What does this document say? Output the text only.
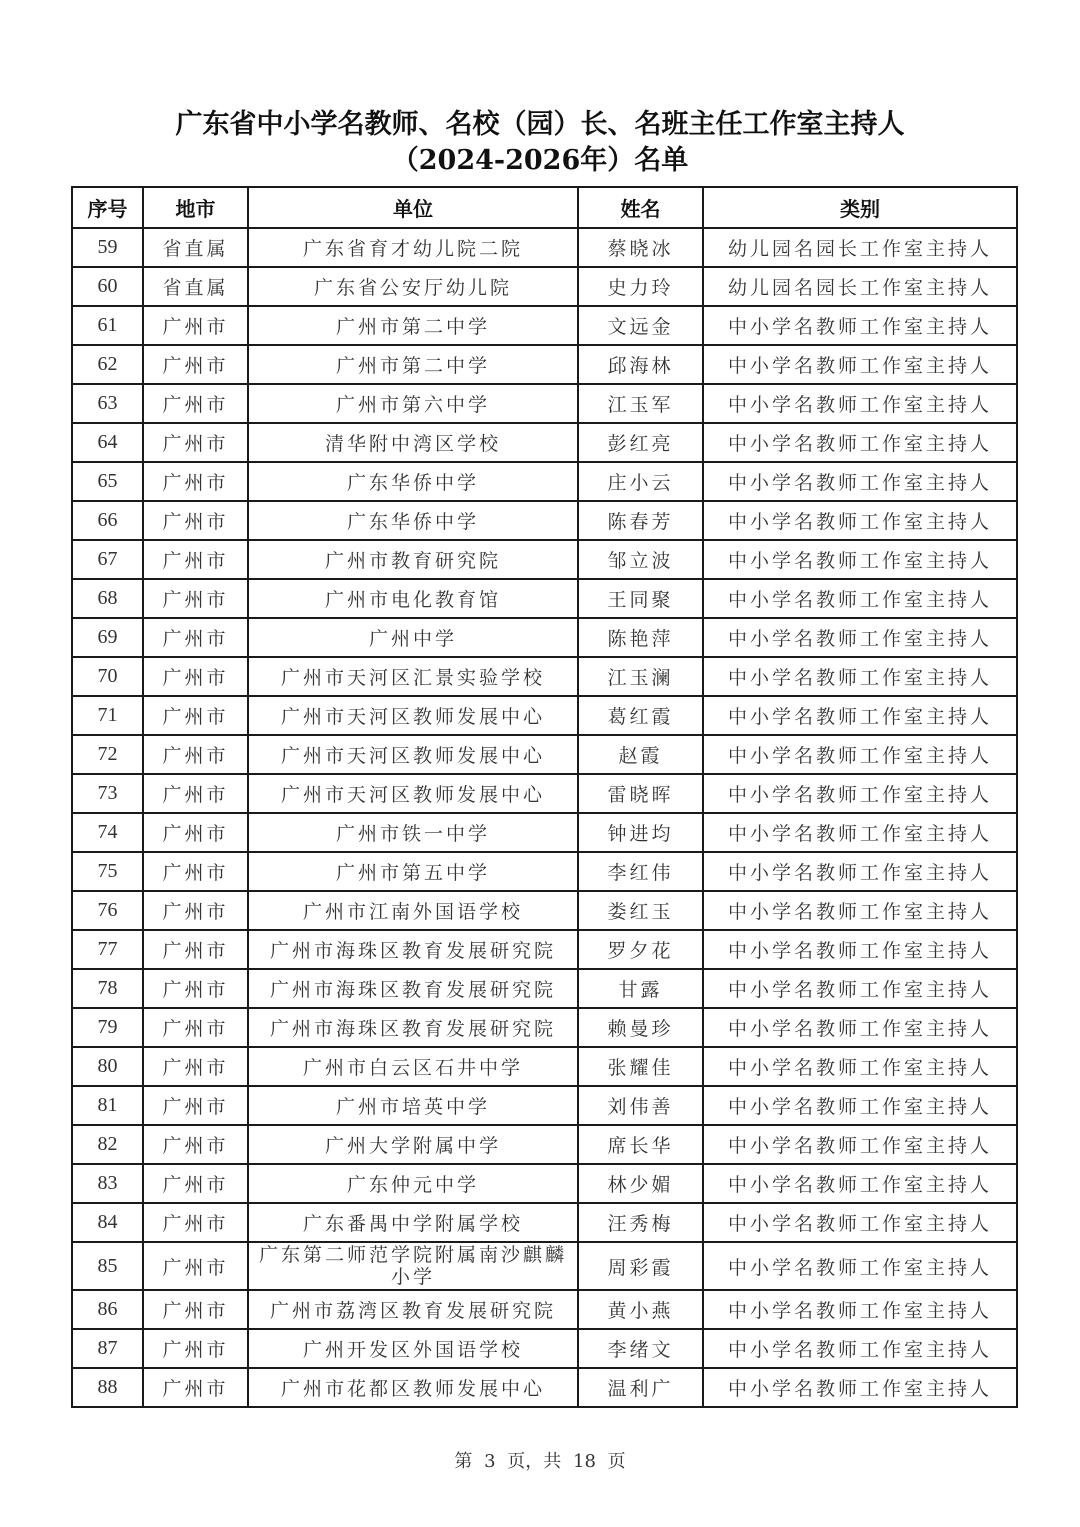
广东省中小学名教师、名校（园）长、名班主任工作室主持人
（2024-2026年）名单
序号	地市	单位	姓名	类别
59	省直属	广东省育才幼儿院二院	蔡晓冰	幼儿园名园长工作室主持人
60	省直属	广东省公安厅幼儿院	史力玲	幼儿园名园长工作室主持人
61	广州市	广州市第二中学	文远金	中小学名教师工作室主持人
62	广州市	广州市第二中学	邱海林	中小学名教师工作室主持人
63	广州市	广州市第六中学	江玉军	中小学名教师工作室主持人
64	广州市	清华附中湾区学校	彭红亮	中小学名教师工作室主持人
65	广州市	广东华侨中学	庄小云	中小学名教师工作室主持人
66	广州市	广东华侨中学	陈春芳	中小学名教师工作室主持人
67	广州市	广州市教育研究院	邹立波	中小学名教师工作室主持人
68	广州市	广州市电化教育馆	王同聚	中小学名教师工作室主持人
69	广州市	广州中学	陈艳萍	中小学名教师工作室主持人
70	广州市	广州市天河区汇景实验学校	江玉澜	中小学名教师工作室主持人
71	广州市	广州市天河区教师发展中心	葛红霞	中小学名教师工作室主持人
72	广州市	广州市天河区教师发展中心	赵霞	中小学名教师工作室主持人
73	广州市	广州市天河区教师发展中心	雷晓晖	中小学名教师工作室主持人
74	广州市	广州市铁一中学	钟进均	中小学名教师工作室主持人
75	广州市	广州市第五中学	李红伟	中小学名教师工作室主持人
76	广州市	广州市江南外国语学校	娄红玉	中小学名教师工作室主持人
77	广州市	广州市海珠区教育发展研究院	罗夕花	中小学名教师工作室主持人
78	广州市	广州市海珠区教育发展研究院	甘露	中小学名教师工作室主持人
79	广州市	广州市海珠区教育发展研究院	赖曼珍	中小学名教师工作室主持人
80	广州市	广州市白云区石井中学	张耀佳	中小学名教师工作室主持人
81	广州市	广州市培英中学	刘伟善	中小学名教师工作室主持人
82	广州市	广州大学附属中学	席长华	中小学名教师工作室主持人
83	广州市	广东仲元中学	林少媚	中小学名教师工作室主持人
84	广州市	广东番禺中学附属学校	汪秀梅	中小学名教师工作室主持人
85	广州市	广东第二师范学院附属南沙麒麟小学	周彩霞	中小学名教师工作室主持人
86	广州市	广州市荔湾区教育发展研究院	黄小燕	中小学名教师工作室主持人
87	广州市	广州开发区外国语学校	李绪文	中小学名教师工作室主持人
88	广州市	广州市花都区教师发展中心	温利广	中小学名教师工作室主持人
第 3 页，共 18 页
